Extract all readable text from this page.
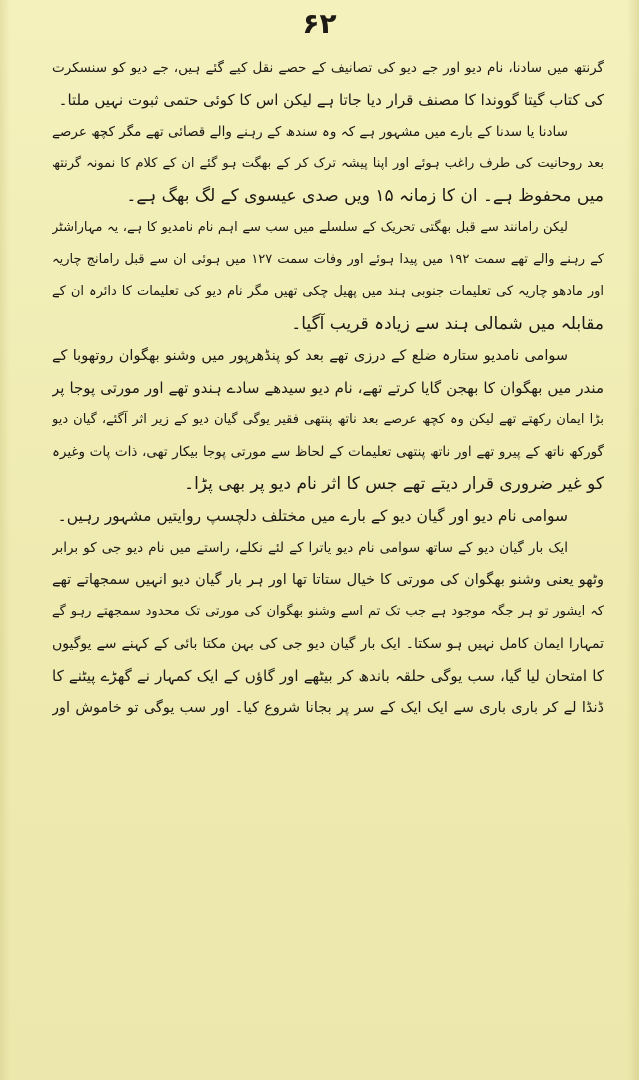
۶۲
گرنتھ میں سادنا، نام دیو اور جے دیو کی تصانیف کے حصے نقل کیے گئے ہیں، جے دیو کو سنسکرت
کی کتاب گیتا گووندا کا مصنف قرار دیا جاتا ہے لیکن اس کا کوئی حتمی ثبوت نہیں ملتا۔
سادنا یا سدنا کے بارے میں مشہور ہے کہ وہ سندھ کے رہنے والے قصائی تھے مگر کچھ عرصے
بعد روحانیت کی طرف راغب ہوئے اور اپنا پیشہ ترک کر کے بھگت ہو گئے ان کے کلام کا نمونہ گرنتھ
میں محفوظ ہے۔ ان کا زمانہ ۱۵ ویں صدی عیسوی کے لگ بھگ ہے۔
لیکن رامانند سے قبل بھگتی تحریک کے سلسلے میں سب سے اہم نام نامدیو کا ہے، یہ مہاراشٹر
کے رہنے والے تھے سمت ۱۹۲ میں پیدا ہوئے اور وفات سمت ۱۲۷ میں ہوئی ان سے قبل رامانج چاریہ
اور مادھو چاریہ کی تعلیمات جنوبی ہند میں پھیل چکی تھیں مگر نام دیو کی تعلیمات کا دائرہ ان کے
مقابلہ میں شمالی ہند سے زیادہ قریب آگیا۔
سوامی نامدیو ستارہ ضلع کے درزی تھے بعد کو پنڈھرپور میں وشنو بھگوان روتھوبا کے
مندر میں بھگوان کا بھجن گایا کرتے تھے، نام دیو سیدھے سادے ہندو تھے اور مورتی پوجا پر
بڑا ایمان رکھتے تھے لیکن وہ کچھ عرصے بعد ناتھ پنتھی فقیر یوگی گیان دیو کے زیر اثر آگئے، گیان دیو
گورکھ ناتھ کے پیرو تھے اور ناتھ پنتھی تعلیمات کے لحاظ سے مورتی پوجا بیکار تھی، ذات پات وغیرہ
کو غیر ضروری قرار دیتے تھے جس کا اثر نام دیو پر بھی پڑا۔
سوامی نام دیو اور گیان دیو کے بارے میں مختلف دلچسپ روایتیں مشہور رہیں۔
ایک بار گیان دیو کے ساتھ سوامی نام دیو یاترا کے لئے نکلے، راستے میں نام دیو جی کو برابر
وٹھو یعنی وشنو بھگوان کی مورتی کا خیال ستاتا تھا اور ہر بار گیان دیو انہیں سمجھاتے تھے
کہ ایشور تو ہر جگہ موجود ہے جب تک تم اسے وشنو بھگوان کی مورتی تک محدود سمجھتے رہو گے
تمہارا ایمان کامل نہیں ہو سکتا۔ ایک بار گیان دیو جی کی بہن مکتا بائی کے کہنے سے یوگیوں
کا امتحان لیا گیا، سب یوگی حلقہ باندھ کر بیٹھے اور گاؤں کے ایک کمہار نے گھڑے پیٹنے کا
ڈنڈا لے کر باری باری سے ایک ایک کے سر پر بجانا شروع کیا۔ اور سب یوگی تو خاموش اور
